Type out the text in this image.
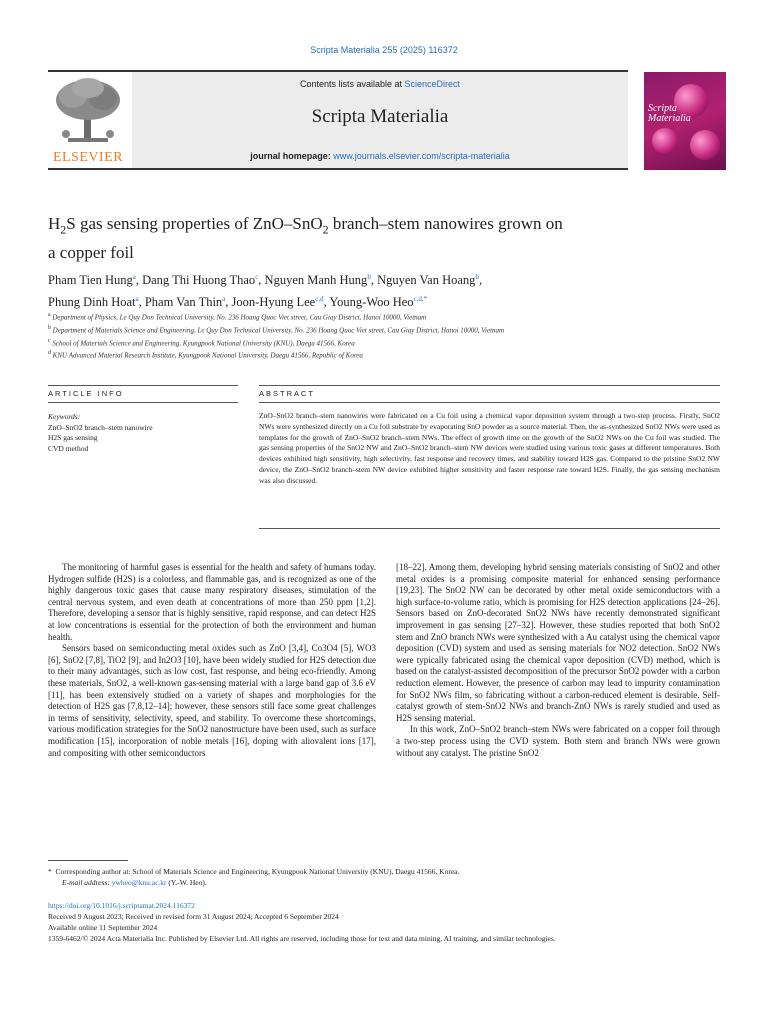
Scripta Materialia 255 (2025) 116372
ELSEVIER
Contents lists available at ScienceDirect
Scripta Materialia
journal homepage: www.journals.elsevier.com/scripta-materialia
Scripta
Materialia
$H_2S$ gas sensing properties of ZnO–SnO$_2$ branch–stem nanowires grown on
a copper foil
Pham Tien Hung$^a$, Dang Thi Huong Thao$^c$, Nguyen Manh Hung$^b$, Nguyen Van Hoang$^b$,
Phung Dinh Hoat$^a$, Pham Van Thin$^a$, Joon-Hyung Lee$^{c,d}$, Young-Woo Heo$^{c,d,*}$
$^a$ Department of Physics, Le Quy Don Technical University, No. 236 Hoang Quoc Viet street, Cau Giay District, Hanoi 10000, Vietnam
$^b$ Department of Materials Science and Engineering, Le Quy Don Technical University, No. 236 Hoang Quoc Viet street, Cau Giay District, Hanoi 10000, Vietnam
$^c$ School of Materials Science and Engineering, Kyungpook National University (KNU), Daegu 41566, Korea
$^d$ KNU Advanced Material Research Institute, Kyungpook National University, Daegu 41566, Republic of Korea
ARTICLE INFO	ABSTRACT
Keywords:
ZnO–SnO2 branch–stem nanowire
H2S gas sensing
CVD method
ZnO–SnO2 branch–stem nanowires were fabricated on a Cu foil using a chemical vapor deposition system through a two-step process. Firstly, SnO2 NWs were synthesized directly on a Cu foil substrate by evaporating SnO powder as a source material. Then, the as-synthesized SnO2 NWs were used as templates for the growth of ZnO–SnO2 branch–stem NWs. The effect of growth time on the growth of the SnO2 NWs on the Cu foil was studied. The gas sensing properties of the SnO2 NW and ZnO–SnO2 branch–stem NW devices were studied using various toxic gases at different temperatures. Both devices exhibited high sensitivity, high selectivity, fast response and recovery times, and stability toward H2S gas. Compared to the pristine SnO2 NW device, the ZnO–SnO2 branch–stem NW device exhibited higher sensitivity and faster response rate toward H2S. Finally, the gas sensing mechanism was also discussed.

The monitoring of harmful gases is essential for the health and safety of humans today. Hydrogen sulfide (H2S) is a colorless, and flammable gas, and is recognized as one of the highly dangerous toxic gases that cause many respiratory diseases, stimulation of the central nervous system, and even death at concentrations of more than 250 ppm [1,2]. Therefore, developing a sensor that is highly sensitive, rapid response, and can detect H2S at low concentrations is essential for the protection of both the environment and human health.

Sensors based on semiconducting metal oxides such as ZnO [3,4], Co3O4 [5], WO3 [6], SnO2 [7,8], TiO2 [9], and In2O3 [10], have been widely studied for H2S detection due to their many advantages, such as low cost, fast response, and being eco-friendly. Among these materials, SnO2, a well-known gas-sensing material with a large band gap of 3.6 eV [11], has been extensively studied on a variety of shapes and morphologies for the detection of H2S gas [7,8,12–14]; however, these sensors still face some great challenges in terms of sensitivity, selectivity, speed, and stability. To overcome these shortcomings, various modification strategies for the SnO2 nanostructure have been used, such as surface modification [15], incorporation of noble metals [16], doping with aliovalent ions [17], and compositing with other semiconductors

[18–22]. Among them, developing hybrid sensing materials consisting of SnO2 and other metal oxides is a promising composite material for enhanced sensing performance [19,23]. The SnO2 NW can be decorated by other metal oxide semiconductors with a high surface-to-volume ratio, which is promising for H2S detection applications [24–26]. Sensors based on ZnO-decorated SnO2 NWs have recently demonstrated significant improvement in gas sensing [27–32]. However, these studies reported that both SnO2 stem and ZnO branch NWs were synthesized with a Au catalyst using the chemical vapor deposition (CVD) system and used as sensing materials for NO2 detection. SnO2 NWs were typically fabricated using the chemical vapor deposition (CVD) method, which is based on the catalyst-assisted decomposition of the precursor SnO2 powder with a carbon reduction element. However, the presence of carbon may lead to impurity contamination for SnO2 NWs film, so fabricating without a carbon-reduced element is desirable. Self-catalyst growth of stem-SnO2 NWs and branch-ZnO NWs is rarely studied and used as H2S sensing material.

In this work, ZnO–SnO2 branch–stem NWs were fabricated on a copper foil through a two-step process using the CVD system. Both stem and branch NWs were grown without any catalyst. The pristine SnO2

* Corresponding author at: School of Materials Science and Engineering, Kyungpook National University (KNU), Daegu 41566, Korea.
E-mail address: ywheo@knu.ac.kr (Y.-W. Heo).
https://doi.org/10.1016/j.scriptamat.2024.116372
Received 9 August 2023; Received in revised form 31 August 2024; Accepted 6 September 2024
Available online 11 September 2024
1359-6462/© 2024 Acta Materialia Inc. Published by Elsevier Ltd. All rights are reserved, including those for text and data mining, AI training, and similar technologies.
